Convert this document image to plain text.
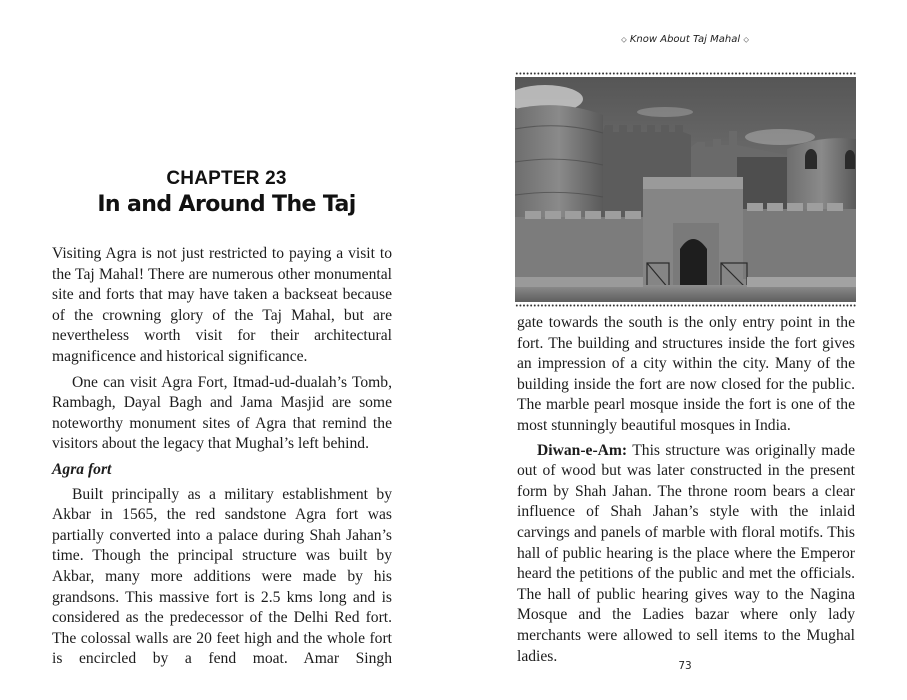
CHAPTER 23
In and Around The Taj

Visiting Agra is not just restricted to paying a visit to the Taj Mahal! There are numerous other monumental site and forts that may have taken a backseat because of the crowning glory of the Taj Mahal, but are nevertheless worth visit for their architectural magnificence and historical significance.

One can visit Agra Fort, Itmad-ud-dualah’s Tomb, Rambagh, Dayal Bagh and Jama Masjid are some noteworthy monument sites of Agra that remind the visitors about the legacy that Mughal’s left behind.

Agra fort

Built principally as a military establishment by Akbar in 1565, the red sandstone Agra fort was partially converted into a palace during Shah Jahan’s time. Though the principal structure was built by Akbar, many more additions were made by his grandsons. This massive fort is 2.5 kms long and is considered as the predecessor of the Delhi Red fort. The colossal walls are 20 feet high and the whole fort is encircled by a fend moat. Amar Singh

⬦ Know About Taj Mahal ⬦

gate towards the south is the only entry point in the fort. The building and structures inside the fort gives an impression of a city within the city. Many of the building inside the fort are now closed for the public. The marble pearl mosque inside the fort is one of the most stunningly beautiful mosques in India.

Diwan-e-Am: This structure was originally made out of wood but was later constructed in the present form by Shah Jahan. The throne room bears a clear influence of Shah Jahan’s style with the inlaid carvings and panels of marble with floral motifs. This hall of public hearing is the place where the Emperor heard the petitions of the public and met the officials. The hall of public hearing gives way to the Nagina Mosque and the Ladies bazar where only lady merchants were allowed to sell items to the Mughal ladies.

73
